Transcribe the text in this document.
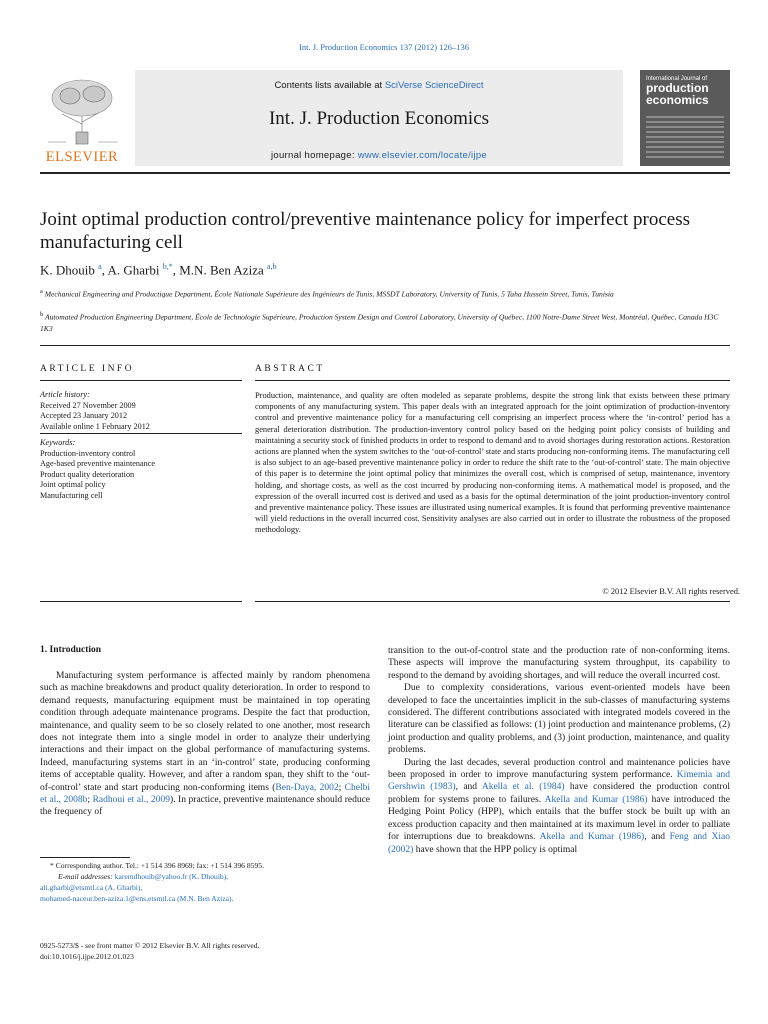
Int. J. Production Economics 137 (2012) 126–136
ELSEVIER
Contents lists available at SciVerse ScienceDirect
Int. J. Production Economics
journal homepage: www.elsevier.com/locate/ijpe
International Journal of
production
economics
Joint optimal production control/preventive maintenance policy for imperfect process manufacturing cell
K. Dhouib $^a$, A. Gharbi $^{b,*}$, M.N. Ben Aziza $^{a,b}$
$^a$ Mechanical Engineering and Productique Department, École Nationale Supérieure des Ingénieurs de Tunis, MSSDT Laboratory, University of Tunis, 5 Taha Hussein Street, Tunis, Tunisia
$^b$ Automated Production Engineering Department, École de Technologie Supérieure, Production System Design and Control Laboratory, University of Québec, 1100 Notre-Dame Street West, Montréal, Québec, Canada H3C 1K3
ARTICLE INFO
Article history:
Received 27 November 2009
Accepted 23 January 2012
Available online 1 February 2012
Keywords:
Production-inventory control
Age-based preventive maintenance
Product quality deterioration
Joint optimal policy
Manufacturing cell
ABSTRACT
Production, maintenance, and quality are often modeled as separate problems, despite the strong link that exists between these primary components of any manufacturing system. This paper deals with an integrated approach for the joint optimization of production-inventory control and preventive maintenance policy for a manufacturing cell comprising an imperfect process where the ‘in-control’ period has a general deterioration distribution. The production-inventory control policy based on the hedging point policy consists of building and maintaining a security stock of finished products in order to respond to demand and to avoid shortages during restoration actions. Restoration actions are planned when the system switches to the ‘out-of-control’ state and starts producing non-conforming items. The manufacturing cell is also subject to an age-based preventive maintenance policy in order to reduce the shift rate to the ‘out-of-control’ state. The main objective of this paper is to determine the joint optimal policy that minimizes the overall cost, which is comprised of setup, maintenance, inventory holding, and shortage costs, as well as the cost incurred by producing non-conforming items. A mathematical model is proposed, and the expression of the overall incurred cost is derived and used as a basis for the optimal determination of the joint production-inventory control and preventive maintenance policy. These issues are illustrated using numerical examples. It is found that performing preventive maintenance will yield reductions in the overall incurred cost. Sensitivity analyses are also carried out in order to illustrate the robustness of the proposed methodology.
© 2012 Elsevier B.V. All rights reserved.
1. Introduction

Manufacturing system performance is affected mainly by random phenomena such as machine breakdowns and product quality deterioration. In order to respond to demand requests, manufacturing equipment must be maintained in top operating condition through adequate maintenance programs. Despite the fact that production, maintenance, and quality seem to be so closely related to one another, most research does not integrate them into a single model in order to analyze their underlying interactions and their impact on the global performance of manufacturing systems. Indeed, manufacturing systems start in an ‘in-control’ state, producing conforming items of acceptable quality. However, and after a random span, they shift to the ‘out-of-control’ state and start producing non-conforming items (Ben-Daya, 2002; Chelbi et al., 2008b; Radhoui et al., 2009). In practice, preventive maintenance should reduce the frequency of

transition to the out-of-control state and the production rate of non-conforming items. These aspects will improve the manufacturing system throughput, its capability to respond to the demand by avoiding shortages, and will reduce the overall incurred cost.

Due to complexity considerations, various event-oriented models have been developed to face the uncertainties implicit in the sub-classes of manufacturing systems considered. The different contributions associated with integrated models covered in the literature can be classified as follows: (1) joint production and maintenance problems, (2) joint production and quality problems, and (3) joint production, maintenance, and quality problems.

During the last decades, several production control and maintenance policies have been proposed in order to improve manufacturing system performance. Kimemia and Gershwin (1983), and Akella et al. (1984) have considered the production control problem for systems prone to failures. Akella and Kumar (1986) have introduced the Hedging Point Policy (HPP), which entails that the buffer stock be built up with an excess production capacity and then maintained at its maximum level in order to palliate for interruptions due to breakdowns. Akella and Kumar (1986), and Feng and Xiao (2002) have shown that the HPP policy is optimal

* Corresponding author. Tel.: +1 514 396 8969; fax: +1 514 396 8595.
E-mail addresses: karemdhouib@yahoo.fr (K. Dhouib),
ali.gharbi@etsmtl.ca (A. Gharbi),
mohamed-naceur.ben-aziza.1@ens.etsmtl.ca (M.N. Ben Aziza).
0925-5273/$ - see front matter © 2012 Elsevier B.V. All rights reserved.
doi:10.1016/j.ijpe.2012.01.023
